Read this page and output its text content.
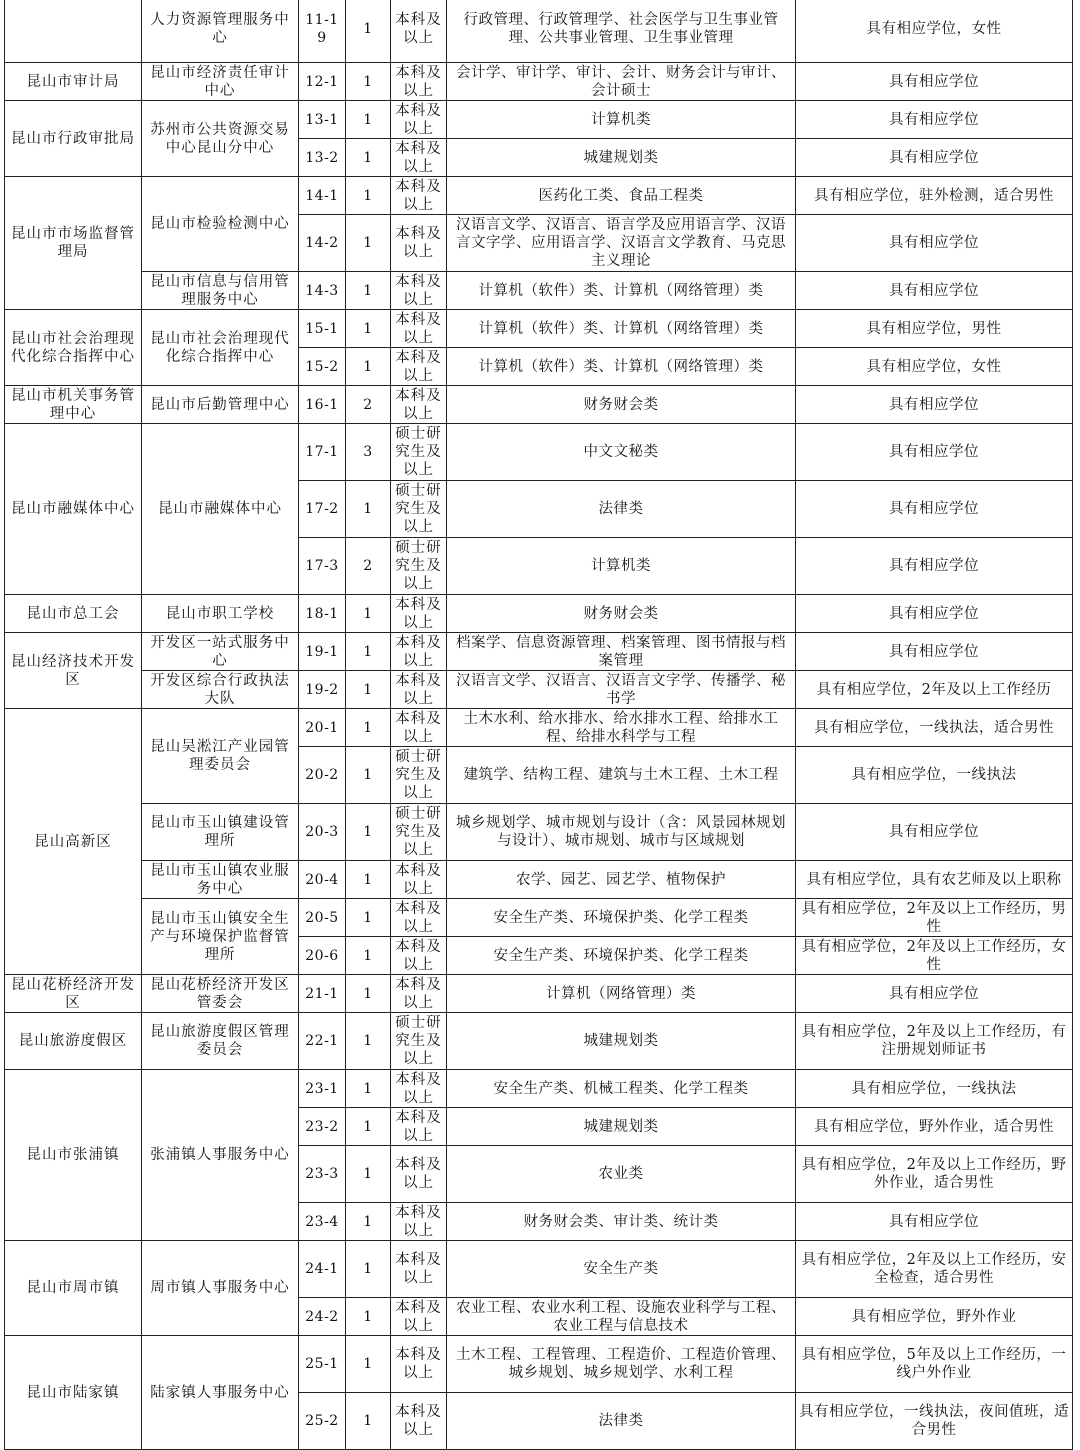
	人力资源管理服务中心	11-19	1	本科及以上	行政管理、行政管理学、社会医学与卫生事业管理、公共事业管理、卫生事业管理	具有相应学位，女性
昆山市审计局	昆山市经济责任审计中心	12-1	1	本科及以上	会计学、审计学、审计、会计、财务会计与审计、会计硕士	具有相应学位
昆山市行政审批局	苏州市公共资源交易中心昆山分中心	13-1	1	本科及以上	计算机类	具有相应学位
		13-2	1	本科及以上	城建规划类	具有相应学位
昆山市市场监督管理局	昆山市检验检测中心	14-1	1	本科及以上	医药化工类、食品工程类	具有相应学位，驻外检测，适合男性
		14-2	1	本科及以上	汉语言文学、汉语言、语言学及应用语言学、汉语言文字学、应用语言学、汉语言文学教育、马克思主义理论	具有相应学位
	昆山市信息与信用管理服务中心	14-3	1	本科及以上	计算机（软件）类、计算机（网络管理）类	具有相应学位
昆山市社会治理现代化综合指挥中心	昆山市社会治理现代化综合指挥中心	15-1	1	本科及以上	计算机（软件）类、计算机（网络管理）类	具有相应学位，男性
		15-2	1	本科及以上	计算机（软件）类、计算机（网络管理）类	具有相应学位，女性
昆山市机关事务管理中心	昆山市后勤管理中心	16-1	2	本科及以上	财务财会类	具有相应学位
昆山市融媒体中心	昆山市融媒体中心	17-1	3	硕士研究生及以上	中文文秘类	具有相应学位
		17-2	1	硕士研究生及以上	法律类	具有相应学位
		17-3	2	硕士研究生及以上	计算机类	具有相应学位
昆山市总工会	昆山市职工学校	18-1	1	本科及以上	财务财会类	具有相应学位
昆山经济技术开发区	开发区一站式服务中心	19-1	1	本科及以上	档案学、信息资源管理、档案管理、图书情报与档案管理	具有相应学位
	开发区综合行政执法大队	19-2	1	本科及以上	汉语言文学、汉语言、汉语言文字学、传播学、秘书学	具有相应学位，2年及以上工作经历
昆山高新区	昆山吴淞江产业园管理委员会	20-1	1	本科及以上	土木水利、给水排水、给水排水工程、给排水工程、给排水科学与工程	具有相应学位，一线执法，适合男性
		20-2	1	硕士研究生及以上	建筑学、结构工程、建筑与土木工程、土木工程	具有相应学位，一线执法
	昆山市玉山镇建设管理所	20-3	1	硕士研究生及以上	城乡规划学、城市规划与设计（含：风景园林规划与设计）、城市规划、城市与区域规划	具有相应学位
	昆山市玉山镇农业服务中心	20-4	1	本科及以上	农学、园艺、园艺学、植物保护	具有相应学位，具有农艺师及以上职称
	昆山市玉山镇安全生产与环境保护监督管理所	20-5	1	本科及以上	安全生产类、环境保护类、化学工程类	具有相应学位，2年及以上工作经历，男性
		20-6	1	本科及以上	安全生产类、环境保护类、化学工程类	具有相应学位，2年及以上工作经历，女性
昆山花桥经济开发区	昆山花桥经济开发区管委会	21-1	1	本科及以上	计算机（网络管理）类	具有相应学位
昆山旅游度假区	昆山旅游度假区管理委员会	22-1	1	硕士研究生及以上	城建规划类	具有相应学位，2年及以上工作经历，有注册规划师证书
昆山市张浦镇	张浦镇人事服务中心	23-1	1	本科及以上	安全生产类、机械工程类、化学工程类	具有相应学位，一线执法
		23-2	1	本科及以上	城建规划类	具有相应学位，野外作业，适合男性
		23-3	1	本科及以上	农业类	具有相应学位，2年及以上工作经历，野外作业，适合男性
		23-4	1	本科及以上	财务财会类、审计类、统计类	具有相应学位
昆山市周市镇	周市镇人事服务中心	24-1	1	本科及以上	安全生产类	具有相应学位，2年及以上工作经历，安全检查，适合男性
		24-2	1	本科及以上	农业工程、农业水利工程、设施农业科学与工程、农业工程与信息技术	具有相应学位，野外作业
昆山市陆家镇	陆家镇人事服务中心	25-1	1	本科及以上	土木工程、工程管理、工程造价、工程造价管理、城乡规划、城乡规划学、水利工程	具有相应学位，5年及以上工作经历，一线户外作业
		25-2	1	本科及以上	法律类	具有相应学位，一线执法，夜间值班，适合男性
